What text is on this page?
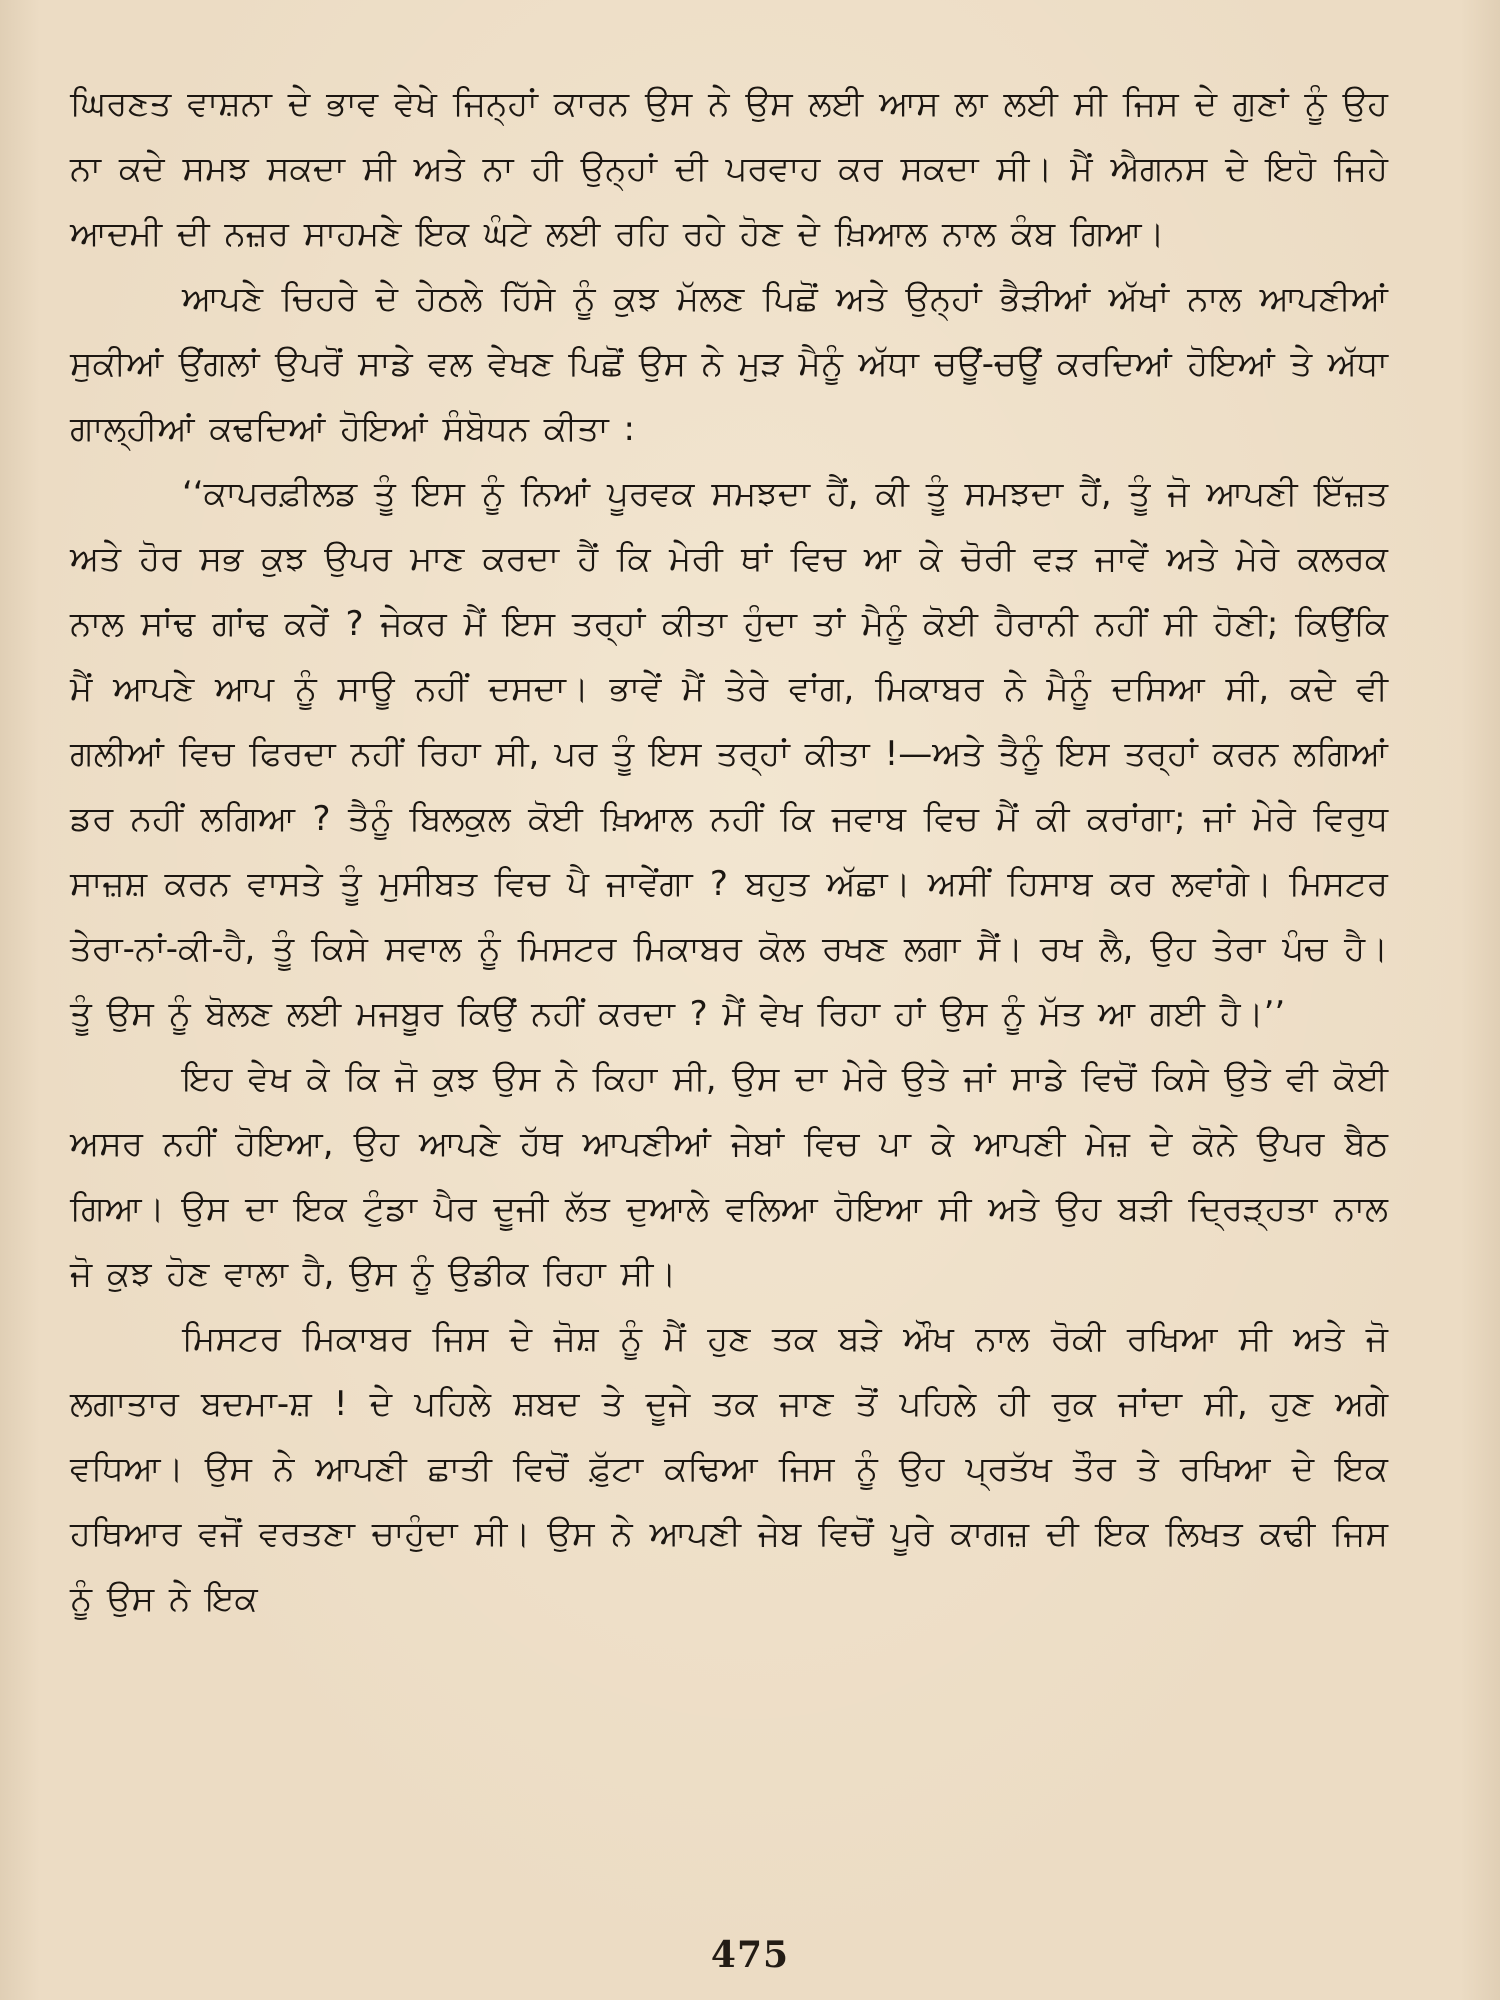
ਘਿਰਣਤ ਵਾਸ਼ਨਾ ਦੇ ਭਾਵ ਵੇਖੇ ਜਿਨ੍ਹਾਂ ਕਾਰਨ ਉਸ ਨੇ ਉਸ ਲਈ ਆਸ ਲਾ ਲਈ ਸੀ ਜਿਸ ਦੇ ਗੁਣਾਂ ਨੂੰ ਉਹ ਨਾ ਕਦੇ ਸਮਝ ਸਕਦਾ ਸੀ ਅਤੇ ਨਾ ਹੀ ਉਨ੍ਹਾਂ ਦੀ ਪਰਵਾਹ ਕਰ ਸਕਦਾ ਸੀ। ਮੈਂ ਐਗਨਸ ਦੇ ਇਹੋ ਜਿਹੇ ਆਦਮੀ ਦੀ ਨਜ਼ਰ ਸਾਹਮਣੇ ਇਕ ਘੰਟੇ ਲਈ ਰਹਿ ਰਹੇ ਹੋਣ ਦੇ ਖ਼ਿਆਲ ਨਾਲ ਕੰਬ ਗਿਆ।

ਆਪਣੇ ਚਿਹਰੇ ਦੇ ਹੇਠਲੇ ਹਿੱਸੇ ਨੂੰ ਕੁਝ ਮੱਲਣ ਪਿਛੋਂ ਅਤੇ ਉਨ੍ਹਾਂ ਭੈੜੀਆਂ ਅੱਖਾਂ ਨਾਲ ਆਪਣੀਆਂ ਸੁਕੀਆਂ ਉਂਗਲਾਂ ਉਪਰੋਂ ਸਾਡੇ ਵਲ ਵੇਖਣ ਪਿਛੋਂ ਉਸ ਨੇ ਮੁੜ ਮੈਨੂੰ ਅੱਧਾ ਚਊਂ-ਚਊਂ ਕਰਦਿਆਂ ਹੋਇਆਂ ਤੇ ਅੱਧਾ ਗਾਲ੍ਹੀਆਂ ਕਢਦਿਆਂ ਹੋਇਆਂ ਸੰਬੋਧਨ ਕੀਤਾ :

‘‘ਕਾਪਰਫ਼ੀਲਡ ਤੂੰ ਇਸ ਨੂੰ ਨਿਆਂ ਪੂਰਵਕ ਸਮਝਦਾ ਹੈਂ, ਕੀ ਤੂੰ ਸਮਝਦਾ ਹੈਂ, ਤੂੰ ਜੋ ਆਪਣੀ ਇੱਜ਼ਤ ਅਤੇ ਹੋਰ ਸਭ ਕੁਝ ਉਪਰ ਮਾਣ ਕਰਦਾ ਹੈਂ ਕਿ ਮੇਰੀ ਥਾਂ ਵਿਚ ਆ ਕੇ ਚੋਰੀ ਵੜ ਜਾਵੇਂ ਅਤੇ ਮੇਰੇ ਕਲਰਕ ਨਾਲ ਸਾਂਢ ਗਾਂਢ ਕਰੇਂ ? ਜੇਕਰ ਮੈਂ ਇਸ ਤਰ੍ਹਾਂ ਕੀਤਾ ਹੁੰਦਾ ਤਾਂ ਮੈਨੂੰ ਕੋਈ ਹੈਰਾਨੀ ਨਹੀਂ ਸੀ ਹੋਣੀ; ਕਿਉਂਕਿ ਮੈਂ ਆਪਣੇ ਆਪ ਨੂੰ ਸਾਊ ਨਹੀਂ ਦਸਦਾ। ਭਾਵੇਂ ਮੈਂ ਤੇਰੇ ਵਾਂਗ, ਮਿਕਾਬਰ ਨੇ ਮੈਨੂੰ ਦਸਿਆ ਸੀ, ਕਦੇ ਵੀ ਗਲੀਆਂ ਵਿਚ ਫਿਰਦਾ ਨਹੀਂ ਰਿਹਾ ਸੀ, ਪਰ ਤੂੰ ਇਸ ਤਰ੍ਹਾਂ ਕੀਤਾ !—ਅਤੇ ਤੈਨੂੰ ਇਸ ਤਰ੍ਹਾਂ ਕਰਨ ਲਗਿਆਂ ਡਰ ਨਹੀਂ ਲਗਿਆ ? ਤੈਨੂੰ ਬਿਲਕੁਲ ਕੋਈ ਖ਼ਿਆਲ ਨਹੀਂ ਕਿ ਜਵਾਬ ਵਿਚ ਮੈਂ ਕੀ ਕਰਾਂਗਾ; ਜਾਂ ਮੇਰੇ ਵਿਰੁਧ ਸਾਜ਼ਸ਼ ਕਰਨ ਵਾਸਤੇ ਤੂੰ ਮੁਸੀਬਤ ਵਿਚ ਪੈ ਜਾਵੇਂਗਾ ? ਬਹੁਤ ਅੱਛਾ। ਅਸੀਂ ਹਿਸਾਬ ਕਰ ਲਵਾਂਗੇ। ਮਿਸਟਰ ਤੇਰਾ-ਨਾਂ-ਕੀ-ਹੈ, ਤੂੰ ਕਿਸੇ ਸਵਾਲ ਨੂੰ ਮਿਸਟਰ ਮਿਕਾਬਰ ਕੋਲ ਰਖਣ ਲਗਾ ਸੈਂ। ਰਖ ਲੈ, ਉਹ ਤੇਰਾ ਪੰਚ ਹੈ। ਤੂੰ ਉਸ ਨੂੰ ਬੋਲਣ ਲਈ ਮਜਬੂਰ ਕਿਉਂ ਨਹੀਂ ਕਰਦਾ ? ਮੈਂ ਵੇਖ ਰਿਹਾ ਹਾਂ ਉਸ ਨੂੰ ਮੱਤ ਆ ਗਈ ਹੈ।’’

ਇਹ ਵੇਖ ਕੇ ਕਿ ਜੋ ਕੁਝ ਉਸ ਨੇ ਕਿਹਾ ਸੀ, ਉਸ ਦਾ ਮੇਰੇ ਉਤੇ ਜਾਂ ਸਾਡੇ ਵਿਚੋਂ ਕਿਸੇ ਉਤੇ ਵੀ ਕੋਈ ਅਸਰ ਨਹੀਂ ਹੋਇਆ, ਉਹ ਆਪਣੇ ਹੱਥ ਆਪਣੀਆਂ ਜੇਬਾਂ ਵਿਚ ਪਾ ਕੇ ਆਪਣੀ ਮੇਜ਼ ਦੇ ਕੋਨੇ ਉਪਰ ਬੈਠ ਗਿਆ। ਉਸ ਦਾ ਇਕ ਟੁੰਡਾ ਪੈਰ ਦੂਜੀ ਲੱਤ ਦੁਆਲੇ ਵਲਿਆ ਹੋਇਆ ਸੀ ਅਤੇ ਉਹ ਬੜੀ ਦ੍ਰਿੜ੍ਹਤਾ ਨਾਲ ਜੋ ਕੁਝ ਹੋਣ ਵਾਲਾ ਹੈ, ਉਸ ਨੂੰ ਉਡੀਕ ਰਿਹਾ ਸੀ।

ਮਿਸਟਰ ਮਿਕਾਬਰ ਜਿਸ ਦੇ ਜੋਸ਼ ਨੂੰ ਮੈਂ ਹੁਣ ਤਕ ਬੜੇ ਔਖ ਨਾਲ ਰੋਕੀ ਰਖਿਆ ਸੀ ਅਤੇ ਜੋ ਲਗਾਤਾਰ ਬਦਮਾ-ਸ਼ ! ਦੇ ਪਹਿਲੇ ਸ਼ਬਦ ਤੇ ਦੂਜੇ ਤਕ ਜਾਣ ਤੋਂ ਪਹਿਲੇ ਹੀ ਰੁਕ ਜਾਂਦਾ ਸੀ, ਹੁਣ ਅਗੇ ਵਧਿਆ। ਉਸ ਨੇ ਆਪਣੀ ਛਾਤੀ ਵਿਚੋਂ ਫ਼ੁੱਟਾ ਕਢਿਆ ਜਿਸ ਨੂੰ ਉਹ ਪ੍ਰਤੱਖ ਤੌਰ ਤੇ ਰਖਿਆ ਦੇ ਇਕ ਹਥਿਆਰ ਵਜੋਂ ਵਰਤਣਾ ਚਾਹੁੰਦਾ ਸੀ। ਉਸ ਨੇ ਆਪਣੀ ਜੇਬ ਵਿਚੋਂ ਪੂਰੇ ਕਾਗਜ਼ ਦੀ ਇਕ ਲਿਖਤ ਕਢੀ ਜਿਸ ਨੂੰ ਉਸ ਨੇ ਇਕ

475
